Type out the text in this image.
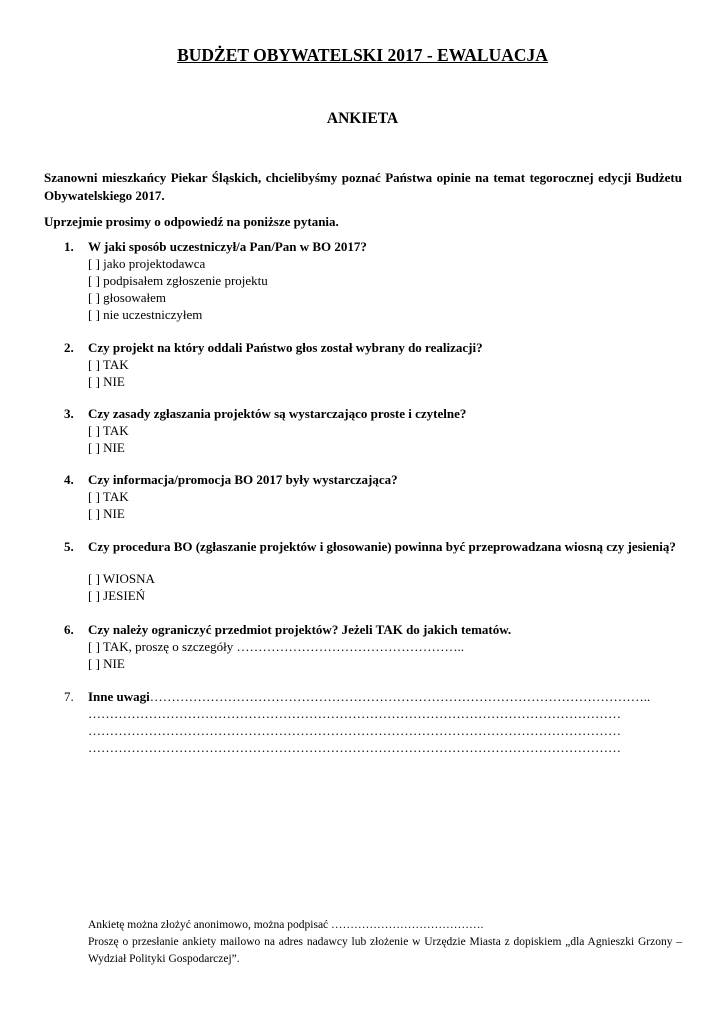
BUDŻET OBYWATELSKI 2017 - EWALUACJA
ANKIETA
Szanowni mieszkańcy Piekar Śląskich, chcielibyśmy poznać Państwa opinie na temat tegorocznej edycji Budżetu Obywatelskiego 2017.
Uprzejmie prosimy o odpowiedź na poniższe pytania.
1.	W jaki sposób uczestniczył/a Pan/Pan w BO 2017?
[ ] jako projektodawca
[ ] podpisałem zgłoszenie projektu
[ ] głosowałem
[ ] nie uczestniczyłem
2.	Czy projekt na który oddali Państwo głos został wybrany do realizacji?
[ ] TAK
[ ] NIE
3.	Czy zasady zgłaszania projektów są wystarczająco proste i czytelne?
[ ] TAK
[ ] NIE
4.	Czy informacja/promocja BO 2017 były wystarczająca?
[ ] TAK
[ ] NIE
5.	Czy procedura BO (zgłaszanie projektów i głosowanie) powinna być przeprowadzana wiosną czy jesienią?
[ ] WIOSNA
[ ] JESIEŃ
6.	Czy należy ograniczyć przedmiot projektów? Jeżeli TAK do jakich tematów.
[ ] TAK, proszę o szczegóły ……………………………………………..
[ ] NIE
7.	Inne uwagi……………………………………………………………………………………………………..
……………………………………………………………………………………………………………
……………………………………………………………………………………………………………
……………………………………………………………………………………………………………

Ankietę można złożyć anonimowo, można podpisać ………………………………….

Proszę o przesłanie ankiety mailowo na adres nadawcy lub złożenie w Urzędzie Miasta z dopiskiem „dla Agnieszki Grzony – Wydział Polityki Gospodarczej”.
